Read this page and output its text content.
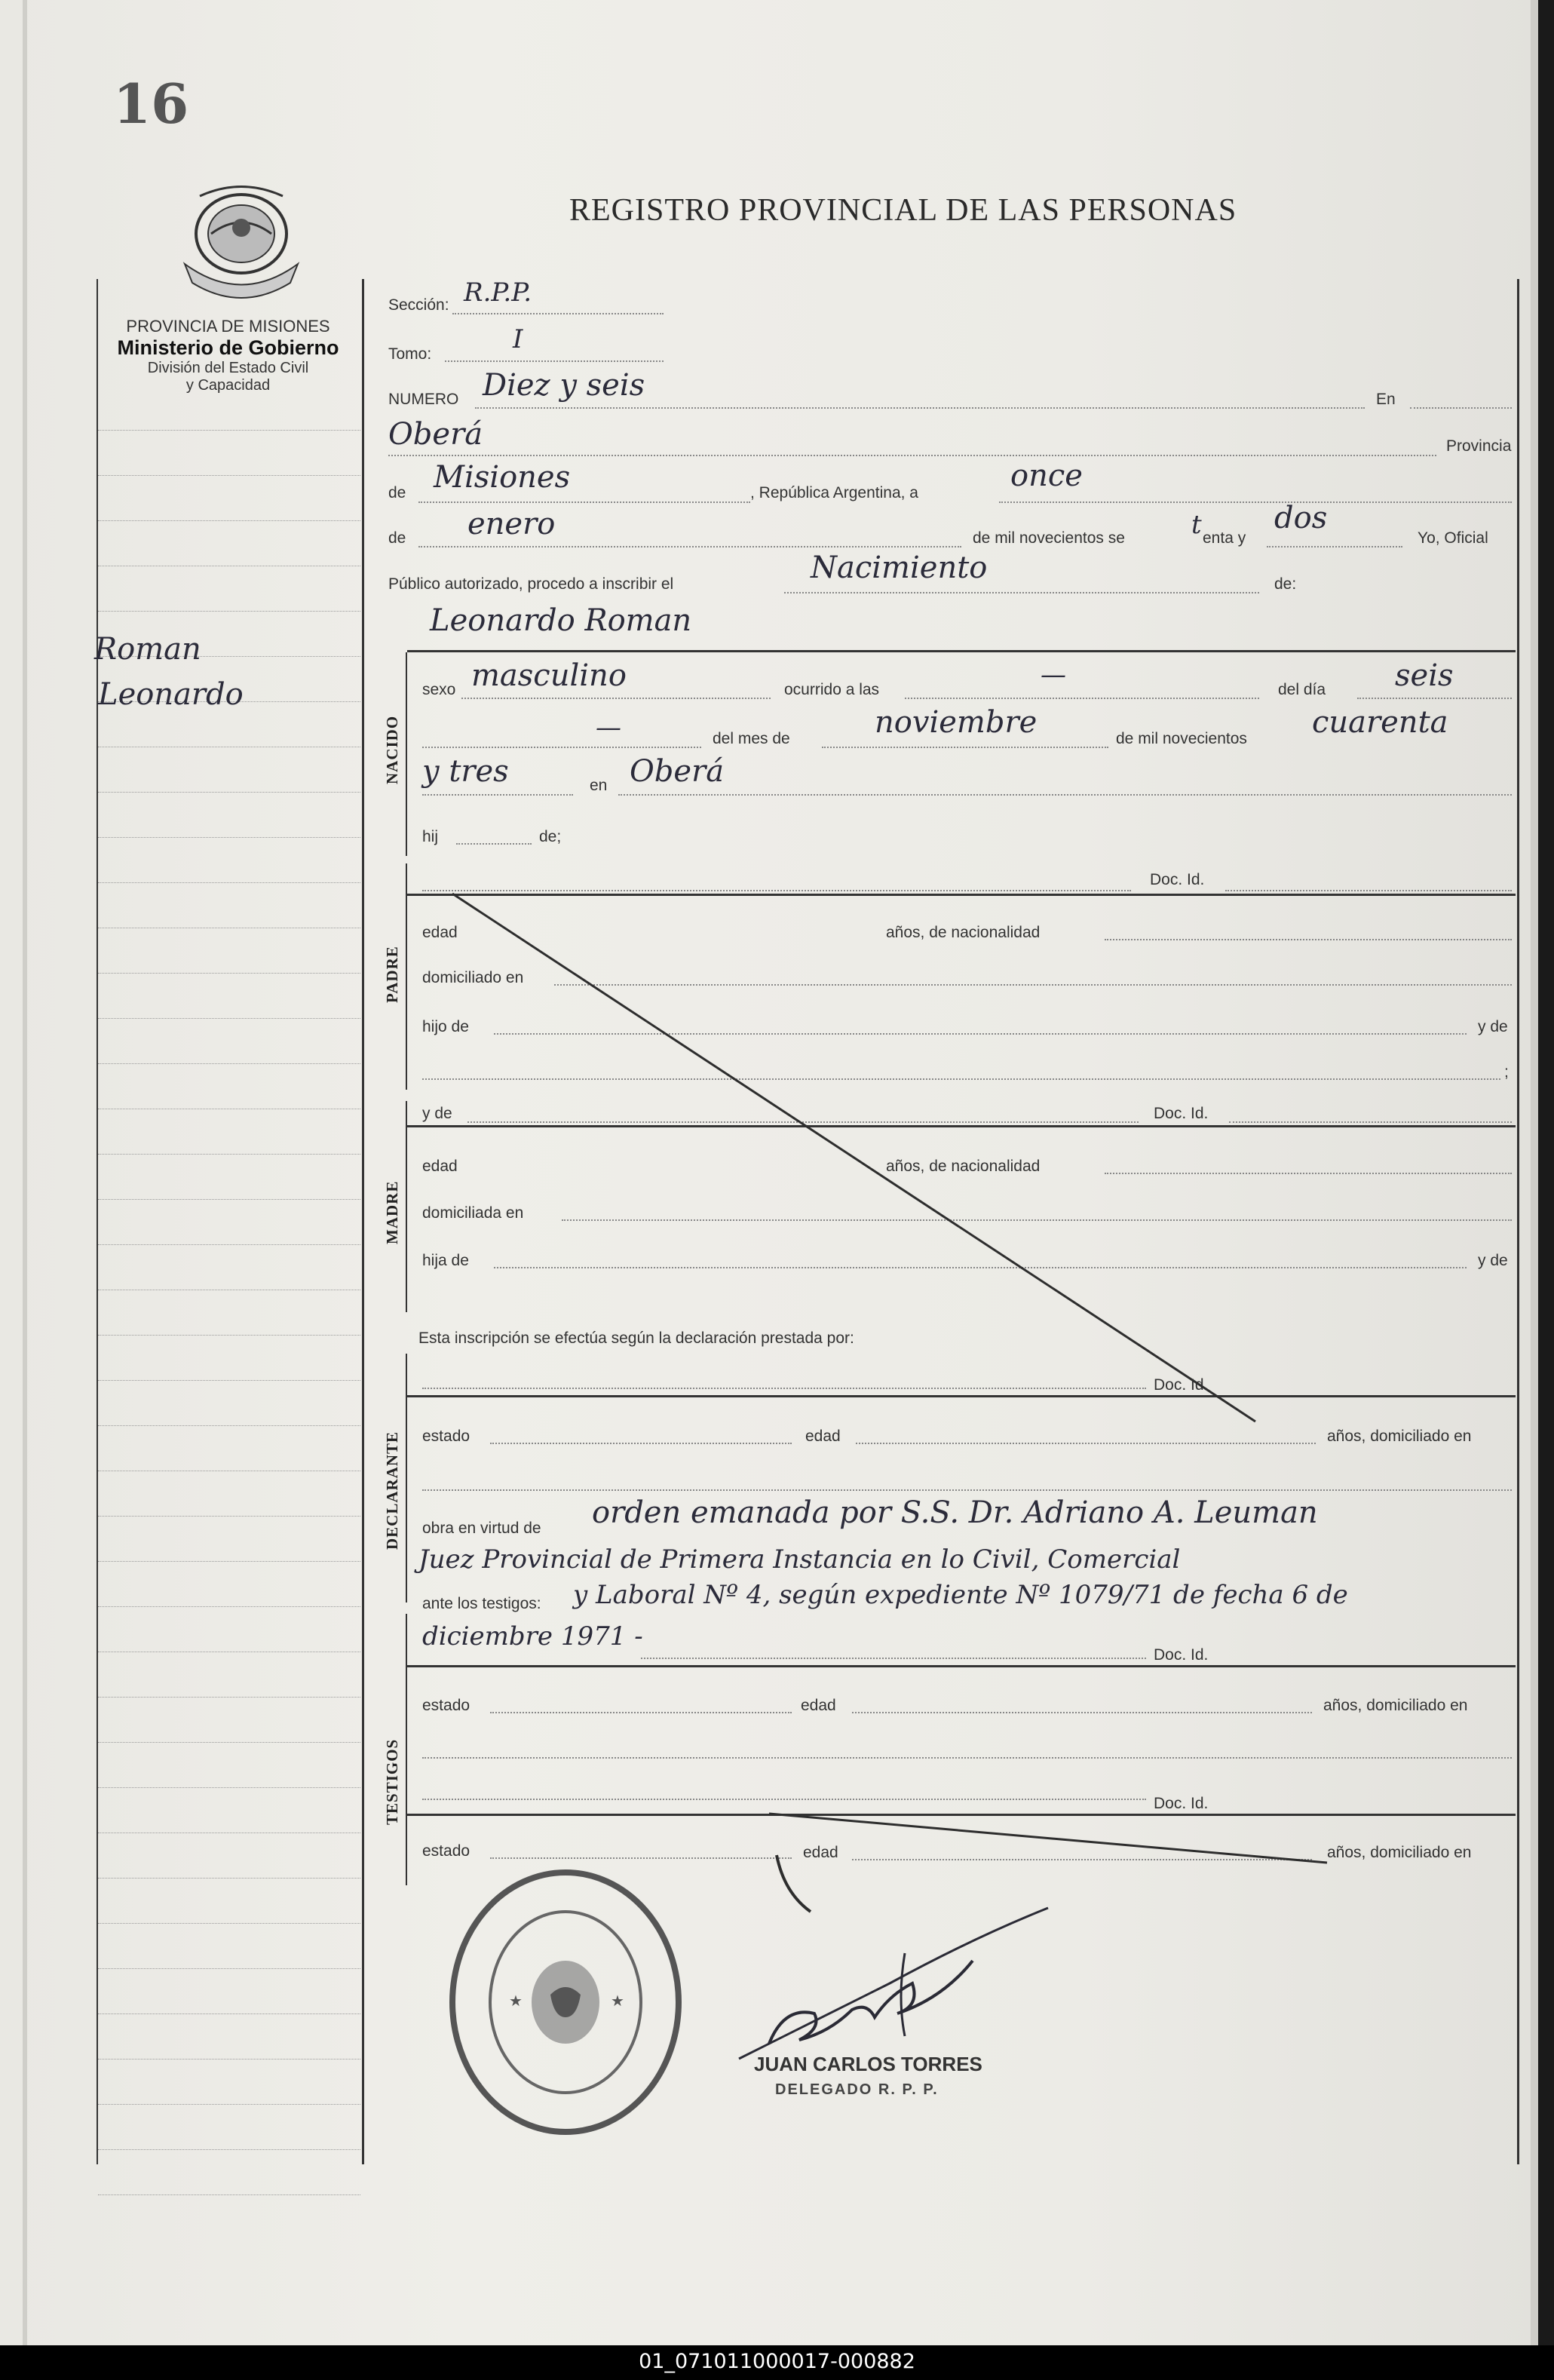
16
PROVINCIA DE MISIONES
Ministerio de Gobierno
División del Estado Civil
y Capacidad
REGISTRO PROVINCIAL DE LAS PERSONAS
Roman
Leonardo
Sección: R.P.P.
Tomo:	I
NUMERO Diez y seis	En
Oberá	Provincia
de Misiones	, República Argentina, a	once
de enero	de mil novecientos se	t enta y
dos
Yo, Oficial
Público autorizado, procedo a inscribir el	Nacimiento	de:
Leonardo Roman
NACIDO
sexo masculino	ocurrido a las	—	del día seis
—	del mes de	noviembre	de mil novecientos cuarenta
y tres	en Oberá
hij	de;
PADRE
Doc. Id.
edad	años, de nacionalidad
domiciliado en
hijo de	y de
;
MADRE
y de	Doc. Id.
edad	años, de nacionalidad
domiciliada en
hija de	y de
Esta inscripción se efectúa según la declaración prestada por:
DECLARANTE
Doc. Id.
estado	edad	años, domiciliado en
obra en virtud de orden emanada por S.S. Dr. Adriano A. Leuman
Juez Provincial de Primera Instancia en lo Civil, Comercial
ante los testigos: y Laboral Nº 4, según expediente Nº 1079/71 de fecha 6 de
TESTIGOS
diciembre 1971 -
Doc. Id.
estado	edad	años, domiciliado en
Doc. Id.
estado	edad	años, domiciliado en
★	★
JUAN CARLOS TORRES
DELEGADO R. P. P.
01_071011000017-000882
